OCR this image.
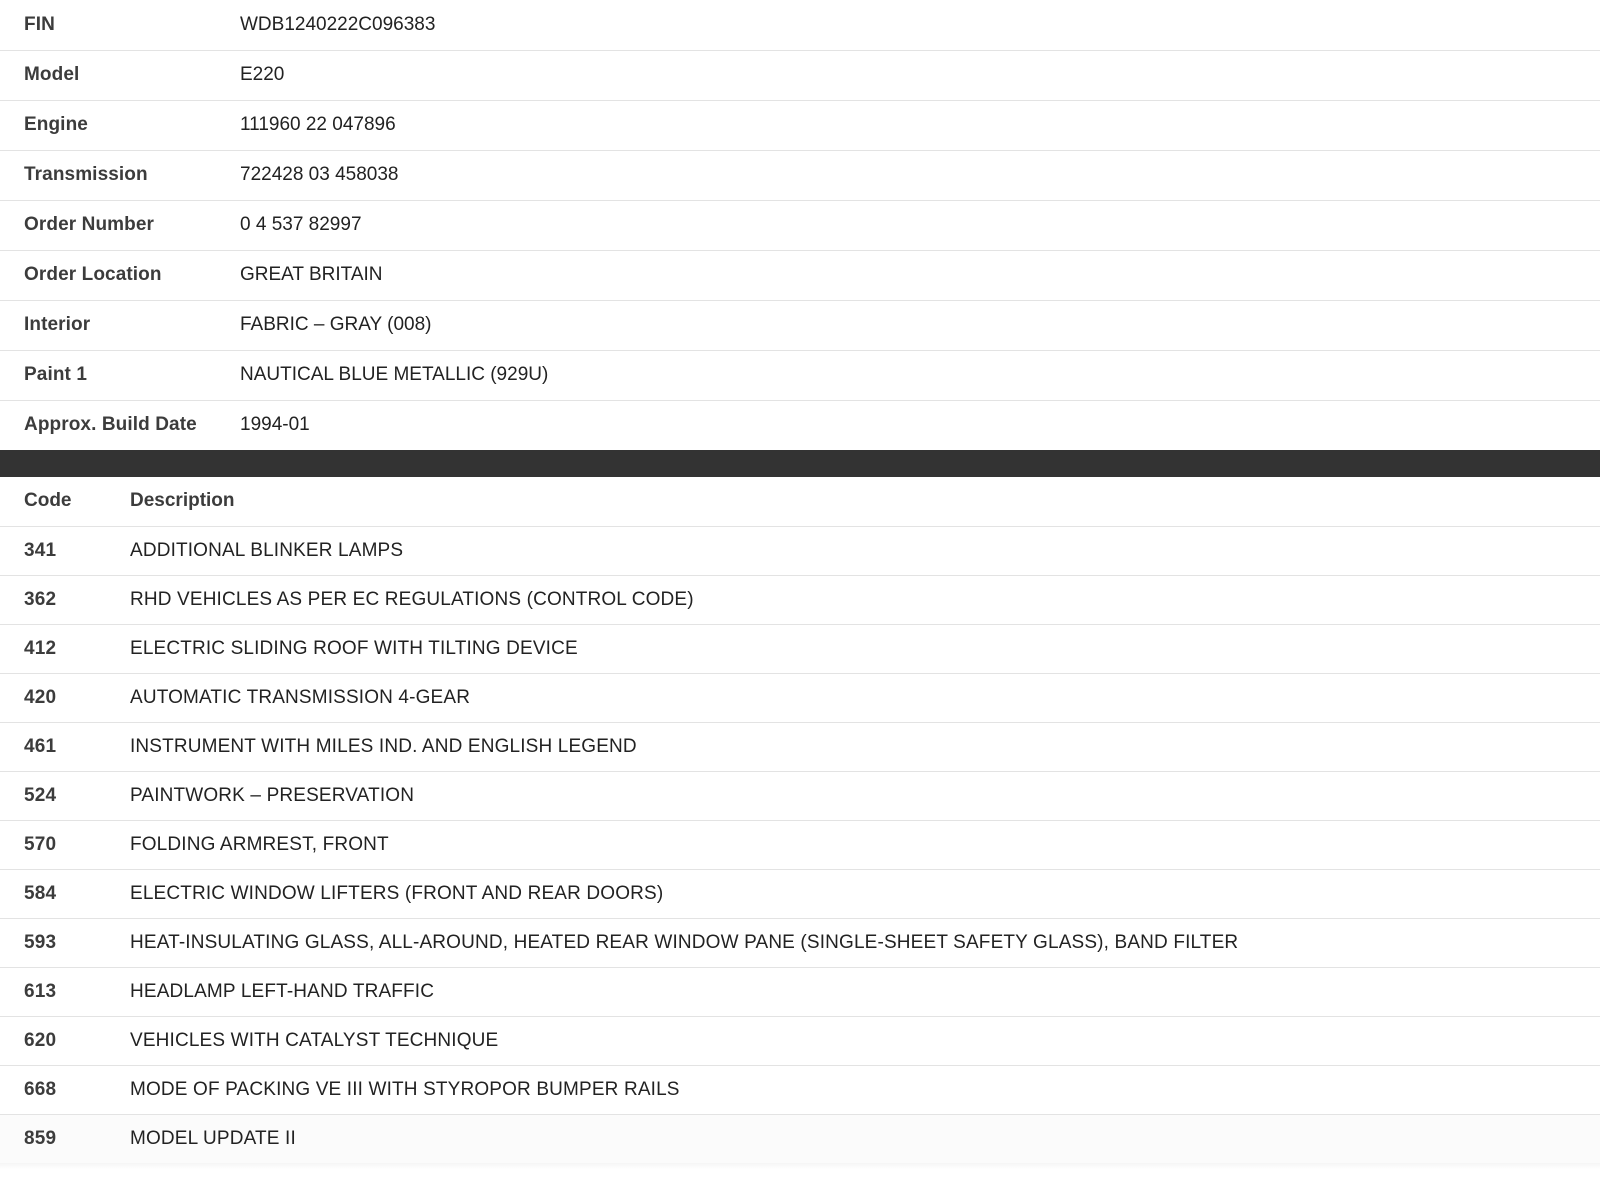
FIN	WDB1240222C096383
Model	E220
Engine	111960 22 047896
Transmission	722428 03 458038
Order Number	0 4 537 82997
Order Location	GREAT BRITAIN
Interior	FABRIC – GRAY (008)
Paint 1	NAUTICAL BLUE METALLIC (929U)
Approx. Build Date	1994-01
Code	Description
341	ADDITIONAL BLINKER LAMPS
362	RHD VEHICLES AS PER EC REGULATIONS (CONTROL CODE)
412	ELECTRIC SLIDING ROOF WITH TILTING DEVICE
420	AUTOMATIC TRANSMISSION 4-GEAR
461	INSTRUMENT WITH MILES IND. AND ENGLISH LEGEND
524	PAINTWORK – PRESERVATION
570	FOLDING ARMREST, FRONT
584	ELECTRIC WINDOW LIFTERS (FRONT AND REAR DOORS)
593	HEAT-INSULATING GLASS, ALL-AROUND, HEATED REAR WINDOW PANE (SINGLE-SHEET SAFETY GLASS), BAND FILTER
613	HEADLAMP LEFT-HAND TRAFFIC
620	VEHICLES WITH CATALYST TECHNIQUE
668	MODE OF PACKING VE III WITH STYROPOR BUMPER RAILS
859	MODEL UPDATE II
